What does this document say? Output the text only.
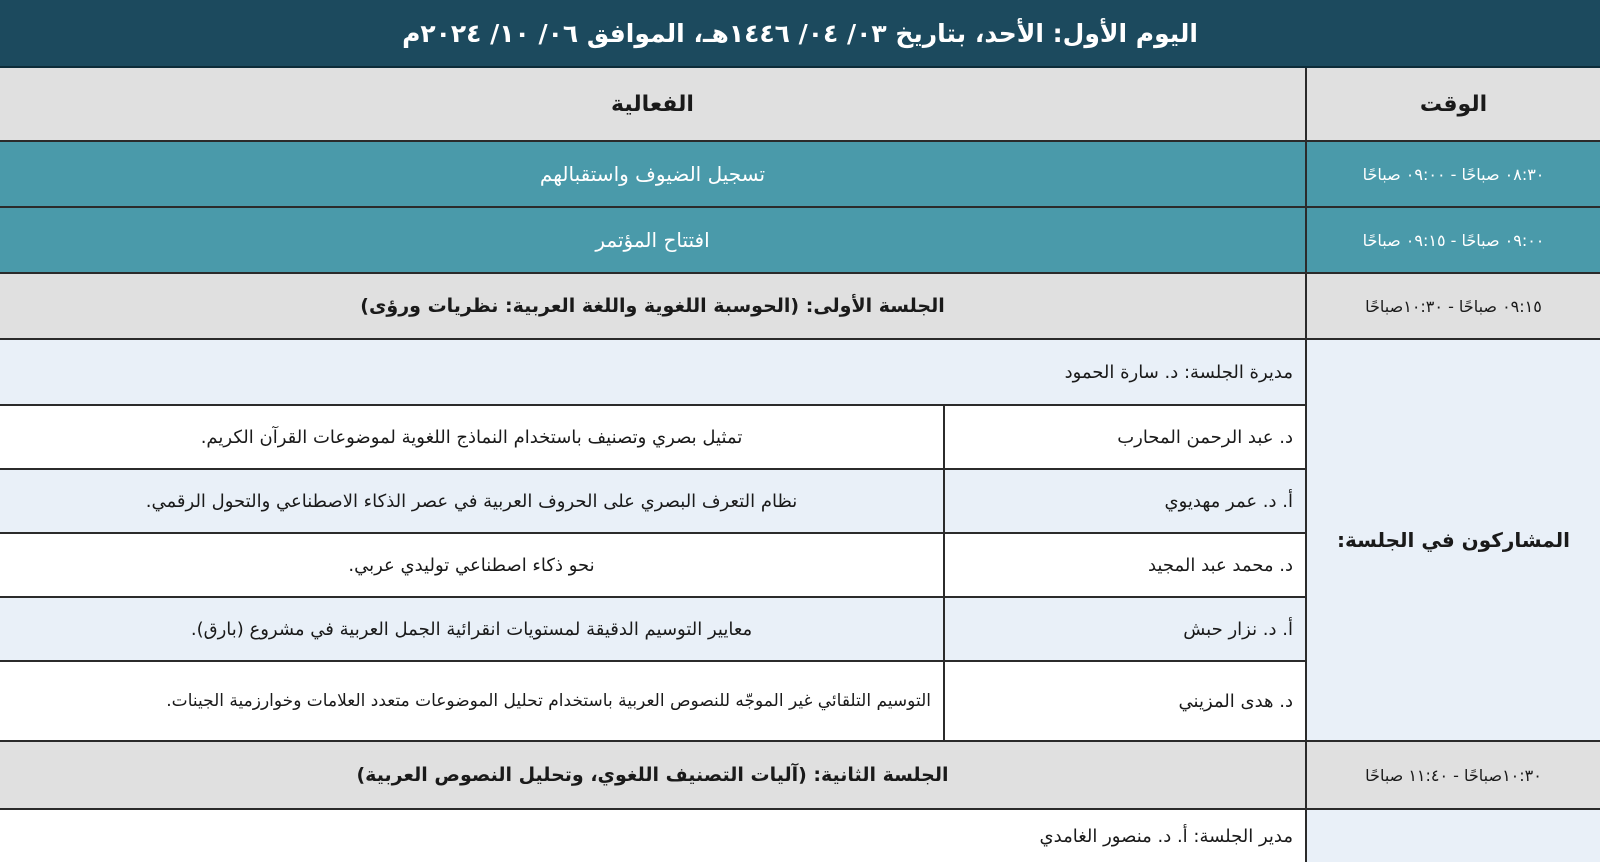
اليوم الأول: الأحد، بتاريخ ٠٣/ ٠٤/ ١٤٤٦هـ، الموافق ٠٦/ ١٠/ ٢٠٢٤م
الوقت
الفعالية
٠٨:٣٠ صباحًا - ٠٩:٠٠ صباحًا
تسجيل الضيوف واستقبالهم
٠٩:٠٠ صباحًا - ٠٩:١٥ صباحًا
افتتاح المؤتمر
٠٩:١٥ صباحًا - ١٠:٣٠صباحًا
الجلسة الأولى: (الحوسبة اللغوية واللغة العربية: نظريات ورؤى)
المشاركون في الجلسة:
مديرة الجلسة: د. سارة الحمود
د. عبد الرحمن المحارب
تمثيل بصري وتصنيف باستخدام النماذج اللغوية لموضوعات القرآن الكريم.
أ. د. عمر مهديوي
نظام التعرف البصري على الحروف العربية في عصر الذكاء الاصطناعي والتحول الرقمي.
د. محمد عبد المجيد
نحو ذكاء اصطناعي توليدي عربي.
أ. د. نزار حبش
معايير التوسيم الدقيقة لمستويات انقرائية الجمل العربية في مشروع (بارق).
د. هدى المزيني
التوسيم التلقائي غير الموجّه للنصوص العربية باستخدام تحليل الموضوعات متعدد العلامات وخوارزمية الجينات.
١٠:٣٠صباحًا - ١١:٤٠ صباحًا
الجلسة الثانية: (آليات التصنيف اللغوي، وتحليل النصوص العربية)
مدير الجلسة: أ. د. منصور الغامدي
